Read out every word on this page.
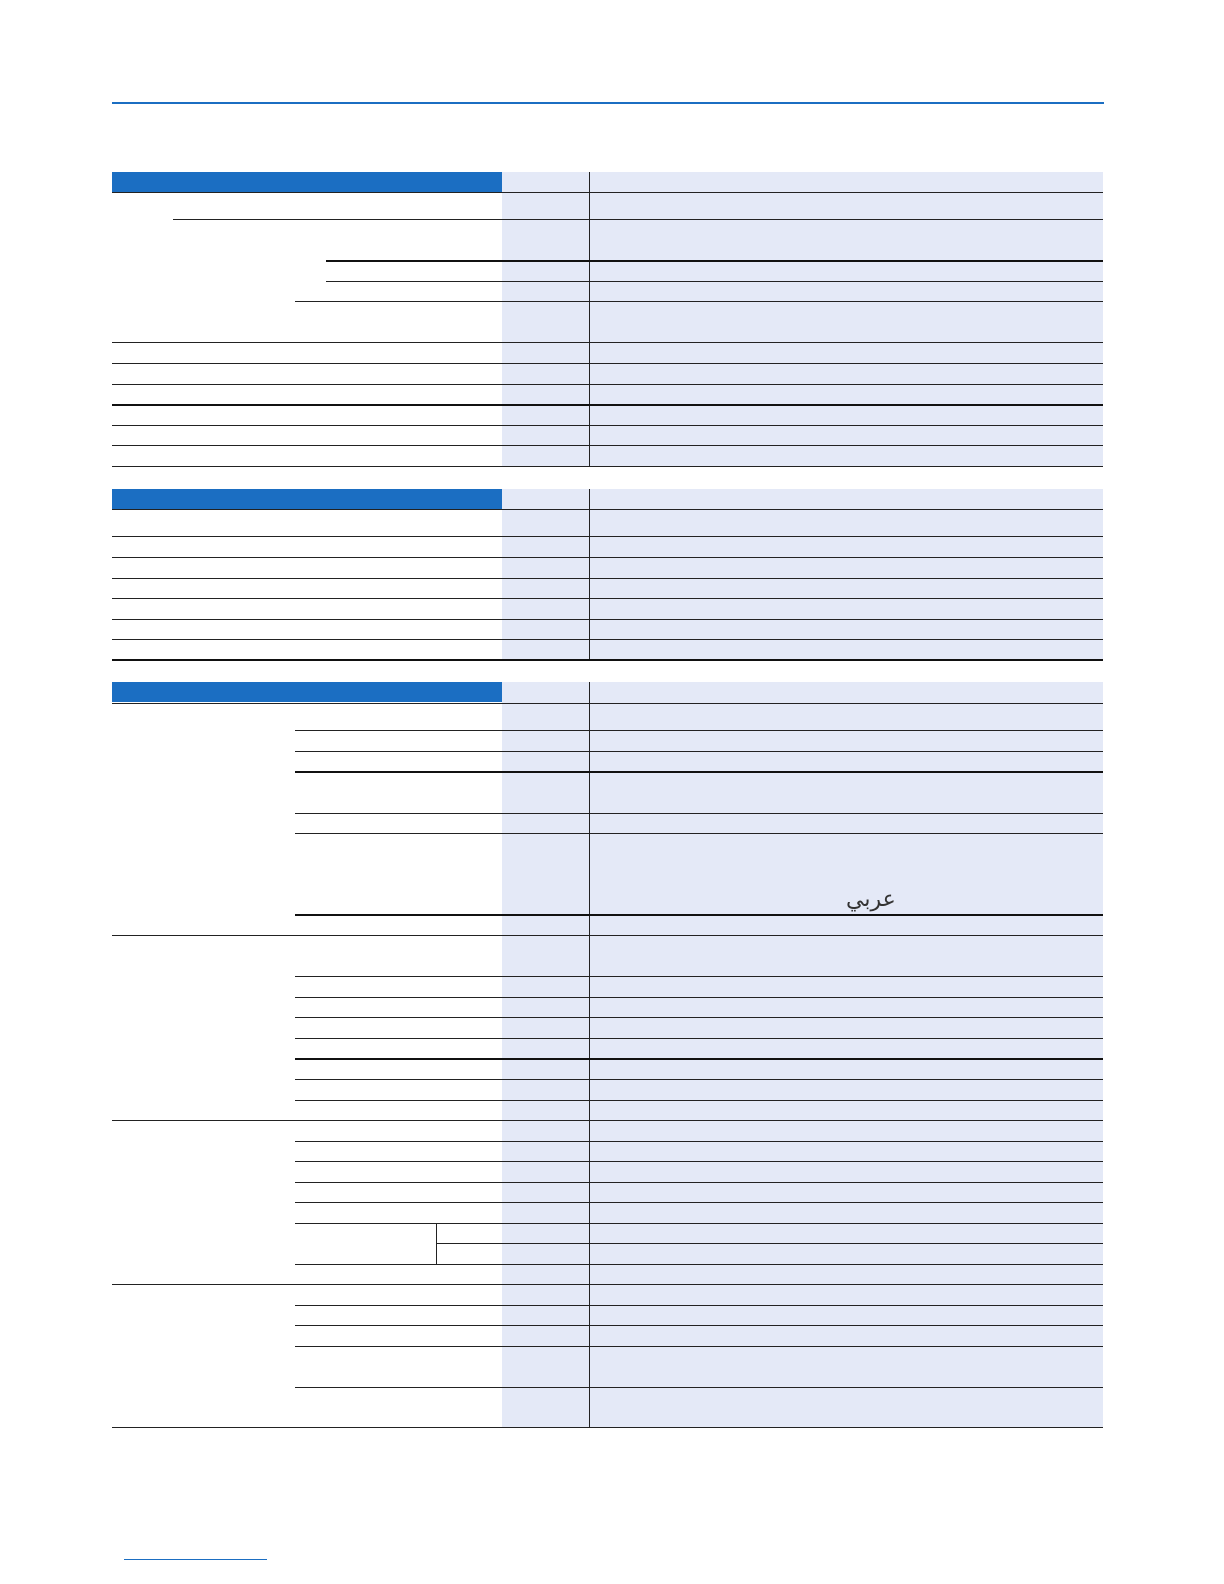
عربي
